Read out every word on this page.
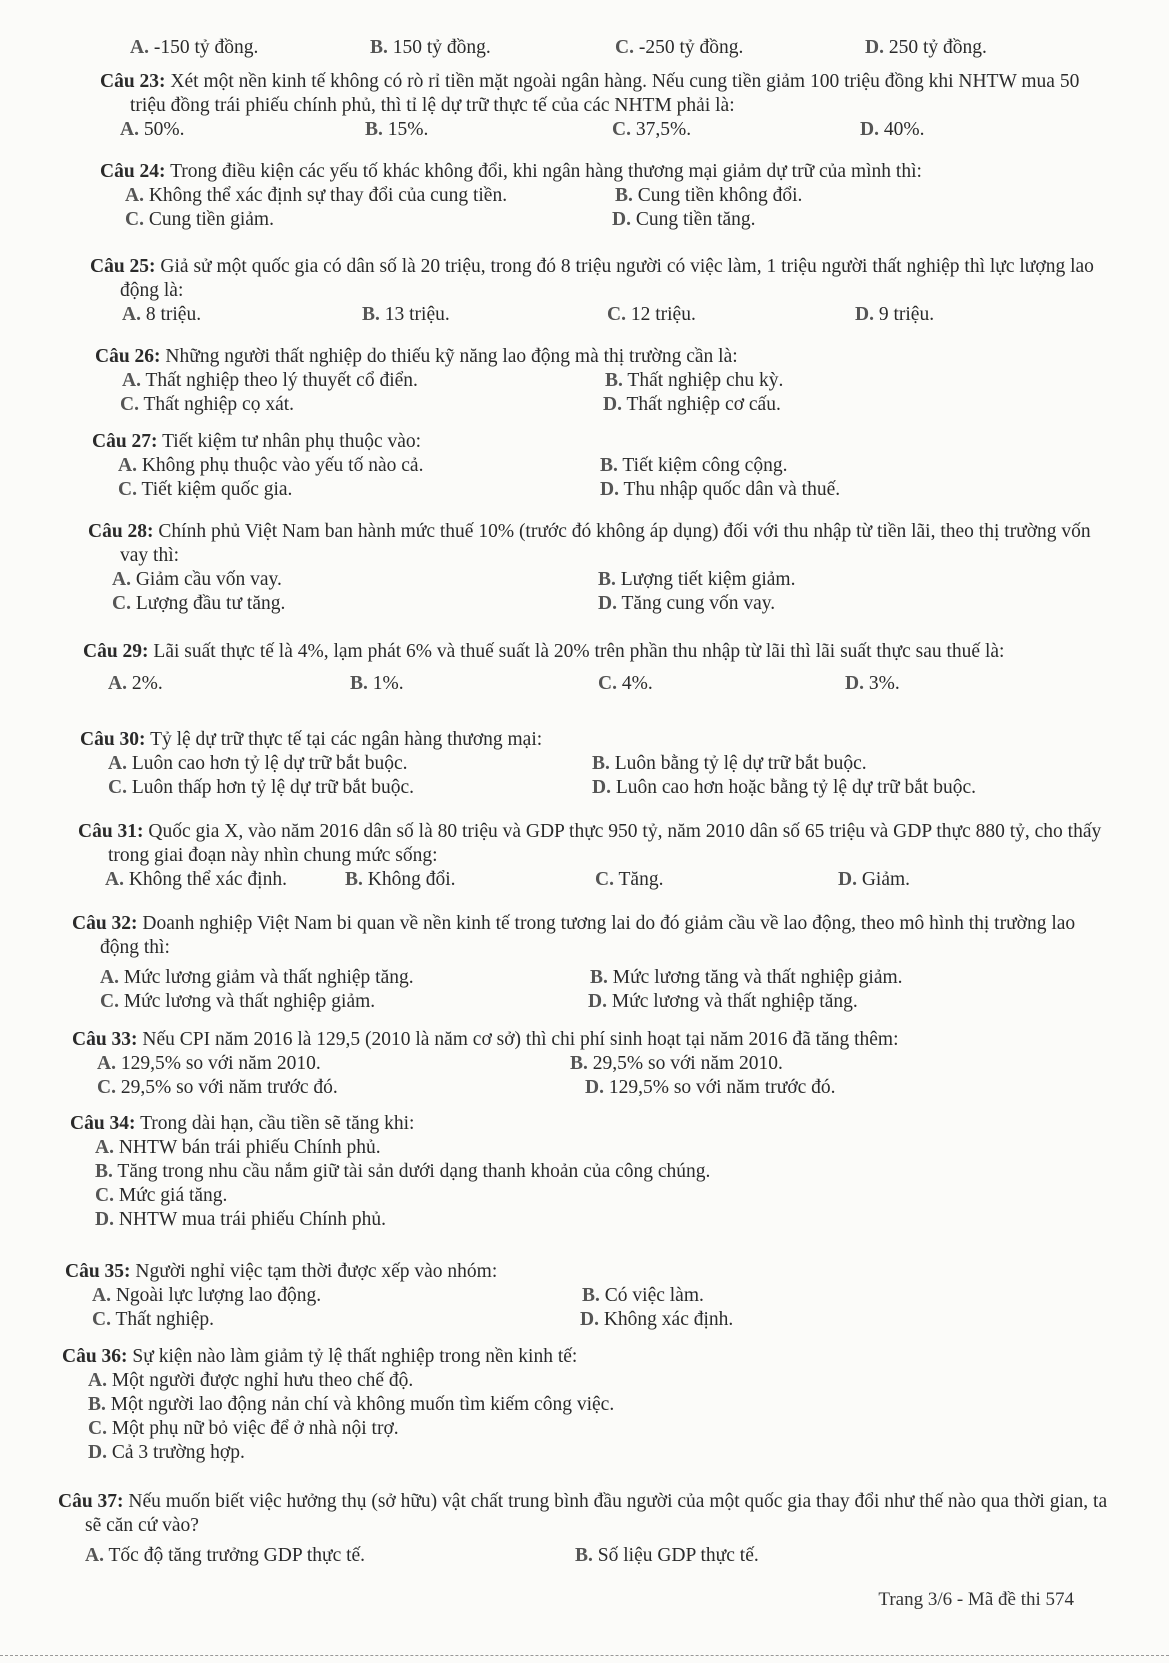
A. -150 tỷ đồng.	B. 150 tỷ đồng.	C. -250 tỷ đồng.	D. 250 tỷ đồng.
Câu 23: Xét một nền kinh tế không có rò rỉ tiền mặt ngoài ngân hàng. Nếu cung tiền giảm 100 triệu đồng khi NHTW mua 50 triệu đồng trái phiếu chính phủ, thì tỉ lệ dự trữ thực tế của các NHTM phải là:
A. 50%.	B. 15%.	C. 37,5%.	D. 40%.
Câu 24: Trong điều kiện các yếu tố khác không đổi, khi ngân hàng thương mại giảm dự trữ của mình thì:
A. Không thể xác định sự thay đổi của cung tiền.	B. Cung tiền không đổi.
C. Cung tiền giảm.	D. Cung tiền tăng.
Câu 25: Giả sử một quốc gia có dân số là 20 triệu, trong đó 8 triệu người có việc làm, 1 triệu người thất nghiệp thì lực lượng lao động là:
A. 8 triệu.	B. 13 triệu.	C. 12 triệu.	D. 9 triệu.
Câu 26: Những người thất nghiệp do thiếu kỹ năng lao động mà thị trường cần là:
A. Thất nghiệp theo lý thuyết cổ điển.	B. Thất nghiệp chu kỳ.
C. Thất nghiệp cọ xát.	D. Thất nghiệp cơ cấu.
Câu 27: Tiết kiệm tư nhân phụ thuộc vào:
A. Không phụ thuộc vào yếu tố nào cả.	B. Tiết kiệm công cộng.
C. Tiết kiệm quốc gia.	D. Thu nhập quốc dân và thuế.
Câu 28: Chính phủ Việt Nam ban hành mức thuế 10% (trước đó không áp dụng) đối với thu nhập từ tiền lãi, theo thị trường vốn vay thì:
A. Giảm cầu vốn vay.	B. Lượng tiết kiệm giảm.
C. Lượng đầu tư tăng.	D. Tăng cung vốn vay.
Câu 29: Lãi suất thực tế là 4%, lạm phát 6% và thuế suất là 20% trên phần thu nhập từ lãi thì lãi suất thực sau thuế là:
A. 2%.	B. 1%.	C. 4%.	D. 3%.
Câu 30: Tỷ lệ dự trữ thực tế tại các ngân hàng thương mại:
A. Luôn cao hơn tỷ lệ dự trữ bắt buộc.	B. Luôn bằng tỷ lệ dự trữ bắt buộc.
C. Luôn thấp hơn tỷ lệ dự trữ bắt buộc.	D. Luôn cao hơn hoặc bằng tỷ lệ dự trữ bắt buộc.
Câu 31: Quốc gia X, vào năm 2016 dân số là 80 triệu và GDP thực 950 tỷ, năm 2010 dân số 65 triệu và GDP thực 880 tỷ, cho thấy trong giai đoạn này nhìn chung mức sống:
A. Không thể xác định.	B. Không đổi.	C. Tăng.	D. Giảm.
Câu 32: Doanh nghiệp Việt Nam bi quan về nền kinh tế trong tương lai do đó giảm cầu về lao động, theo mô hình thị trường lao động thì:
A. Mức lương giảm và thất nghiệp tăng.	B. Mức lương tăng và thất nghiệp giảm.
C. Mức lương và thất nghiệp giảm.	D. Mức lương và thất nghiệp tăng.
Câu 33: Nếu CPI năm 2016 là 129,5 (2010 là năm cơ sở) thì chi phí sinh hoạt tại năm 2016 đã tăng thêm:
A. 129,5% so với năm 2010.	B. 29,5% so với năm 2010.
C. 29,5% so với năm trước đó.	D. 129,5% so với năm trước đó.
Câu 34: Trong dài hạn, cầu tiền sẽ tăng khi:
A. NHTW bán trái phiếu Chính phủ.
B. Tăng trong nhu cầu nắm giữ tài sản dưới dạng thanh khoản của công chúng.
C. Mức giá tăng.
D. NHTW mua trái phiếu Chính phủ.
Câu 35: Người nghỉ việc tạm thời được xếp vào nhóm:
A. Ngoài lực lượng lao động.	B. Có việc làm.
C. Thất nghiệp.	D. Không xác định.
Câu 36: Sự kiện nào làm giảm tỷ lệ thất nghiệp trong nền kinh tế:
A. Một người được nghỉ hưu theo chế độ.
B. Một người lao động nản chí và không muốn tìm kiếm công việc.
C. Một phụ nữ bỏ việc để ở nhà nội trợ.
D. Cả 3 trường hợp.
Câu 37: Nếu muốn biết việc hưởng thụ (sở hữu) vật chất trung bình đầu người của một quốc gia thay đổi như thế nào qua thời gian, ta sẽ căn cứ vào?
A. Tốc độ tăng trưởng GDP thực tế.	B. Số liệu GDP thực tế.
Trang 3/6 - Mã đề thi 574
